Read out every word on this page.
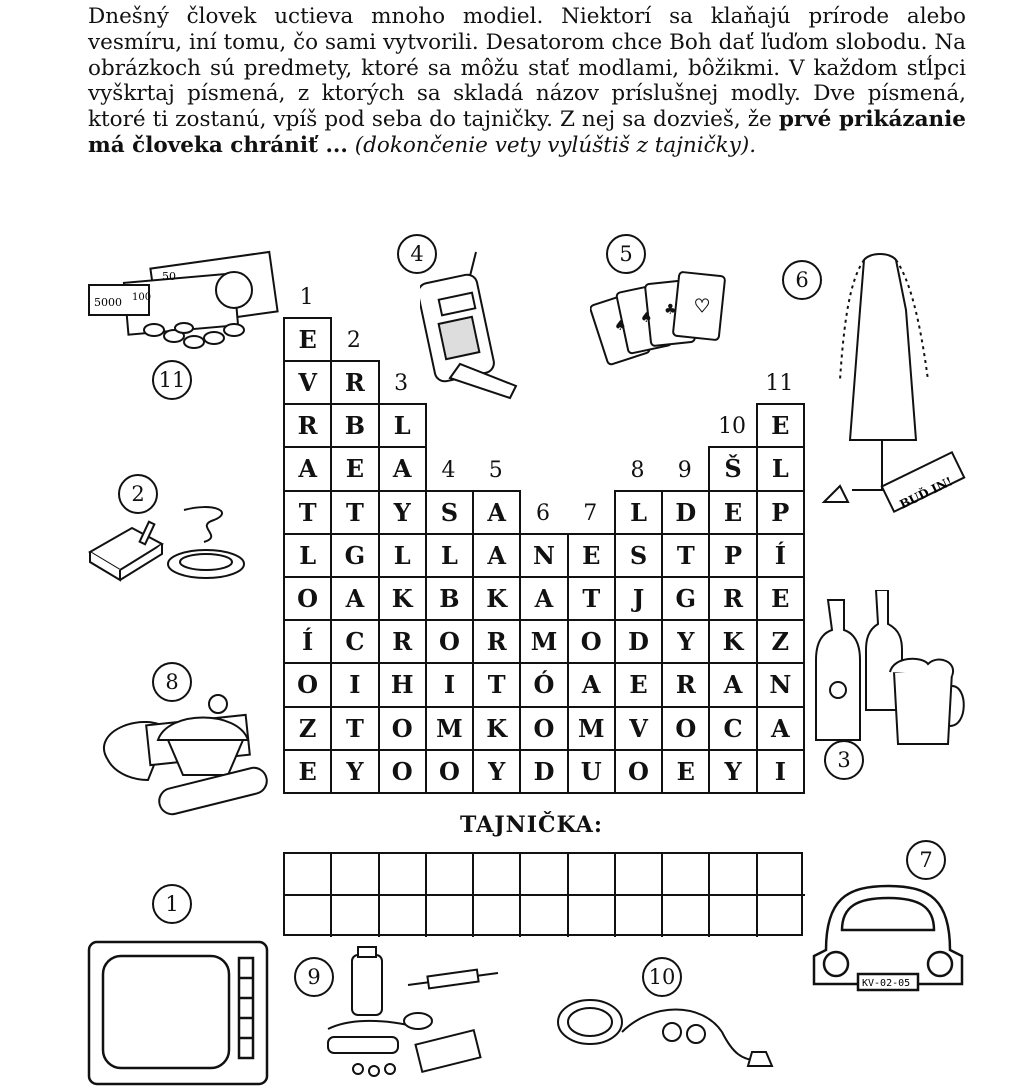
Dnešný človek uctieva mnoho modiel. Niektorí sa klaňajú prírode alebo vesmíru, iní tomu, čo sami vytvorili. Desatorom chce Boh dať ľuďom slobodu. Na obrázkoch sú predmety, ktoré sa môžu stať modlami, bôžikmi. V každom stĺpci vyškrtaj písmená, z ktorých sa skladá názov príslušnej modly. Dve písmená, ktoré ti zostanú, vpíš pod seba do tajničky. Z nej sa dozvieš, že prvé prikázanie má človeka chrániť ... (dokončenie vety vylúštiš z tajničky).

1
E
V
R
A
T
L
O
Í
O
Z
E
2
R
B
E
T
G
A
C
I
T
Y
3
L
A
Y
L
K
R
H
O
O
4
S
L
B
O
I
M
O
5
A
A
K
R
T
K
Y
6
N
A
M
Ó
O
D
7
E
T
O
A
M
U
8
L
S
J
D
E
V
O
9
D
T
G
Y
R
O
E
10
Š
E
P
R
K
A
C
Y
11
E
L
P
Í
E
Z
N
A
I
TAJNIČKA:
5000 100
50
♠ ♠ ♣ ♥
BUĎ IN!
KV-02-05
11
2
8
1
4	5
6
3
7
9	10
